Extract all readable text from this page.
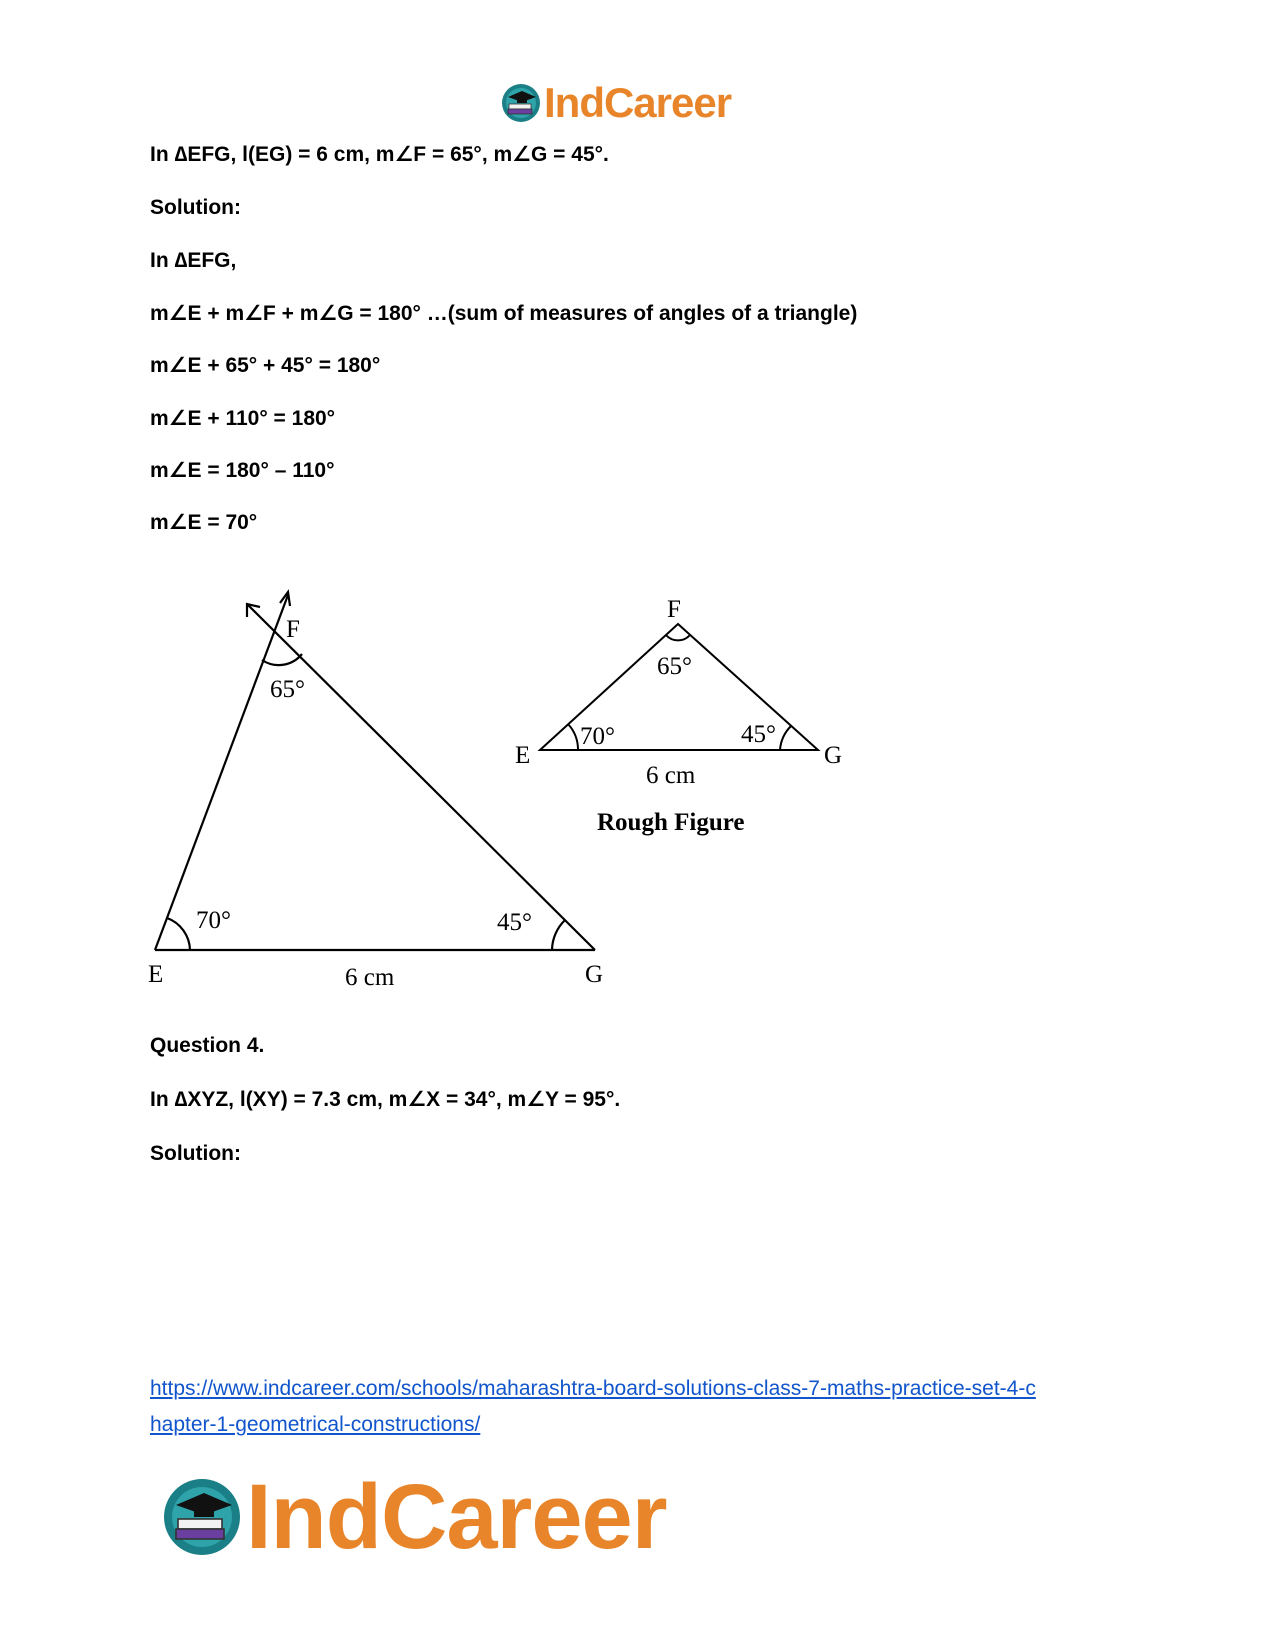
IndCareer
In ∆EFG, l(EG) = 6 cm, m∠F = 65°, m∠G = 45°.
Solution:
In ∆EFG,
m∠E + m∠F + m∠G = 180° …(sum of measures of angles of a triangle)
m∠E + 65° + 45° = 180°
m∠E + 110° = 180°
m∠E = 180° – 110°
m∠E = 70°
E
F
G
70°
65°
45°
6 cm
E
F
G
70°
65°
45°
6 cm
Rough Figure
Question 4.
In ∆XYZ, l(XY) = 7.3 cm, m∠X = 34°, m∠Y = 95°.
Solution:
https://www.indcareer.com/schools/maharashtra-board-solutions-class-7-maths-practice-set-4-c
hapter-1-geometrical-constructions/
IndCareer
